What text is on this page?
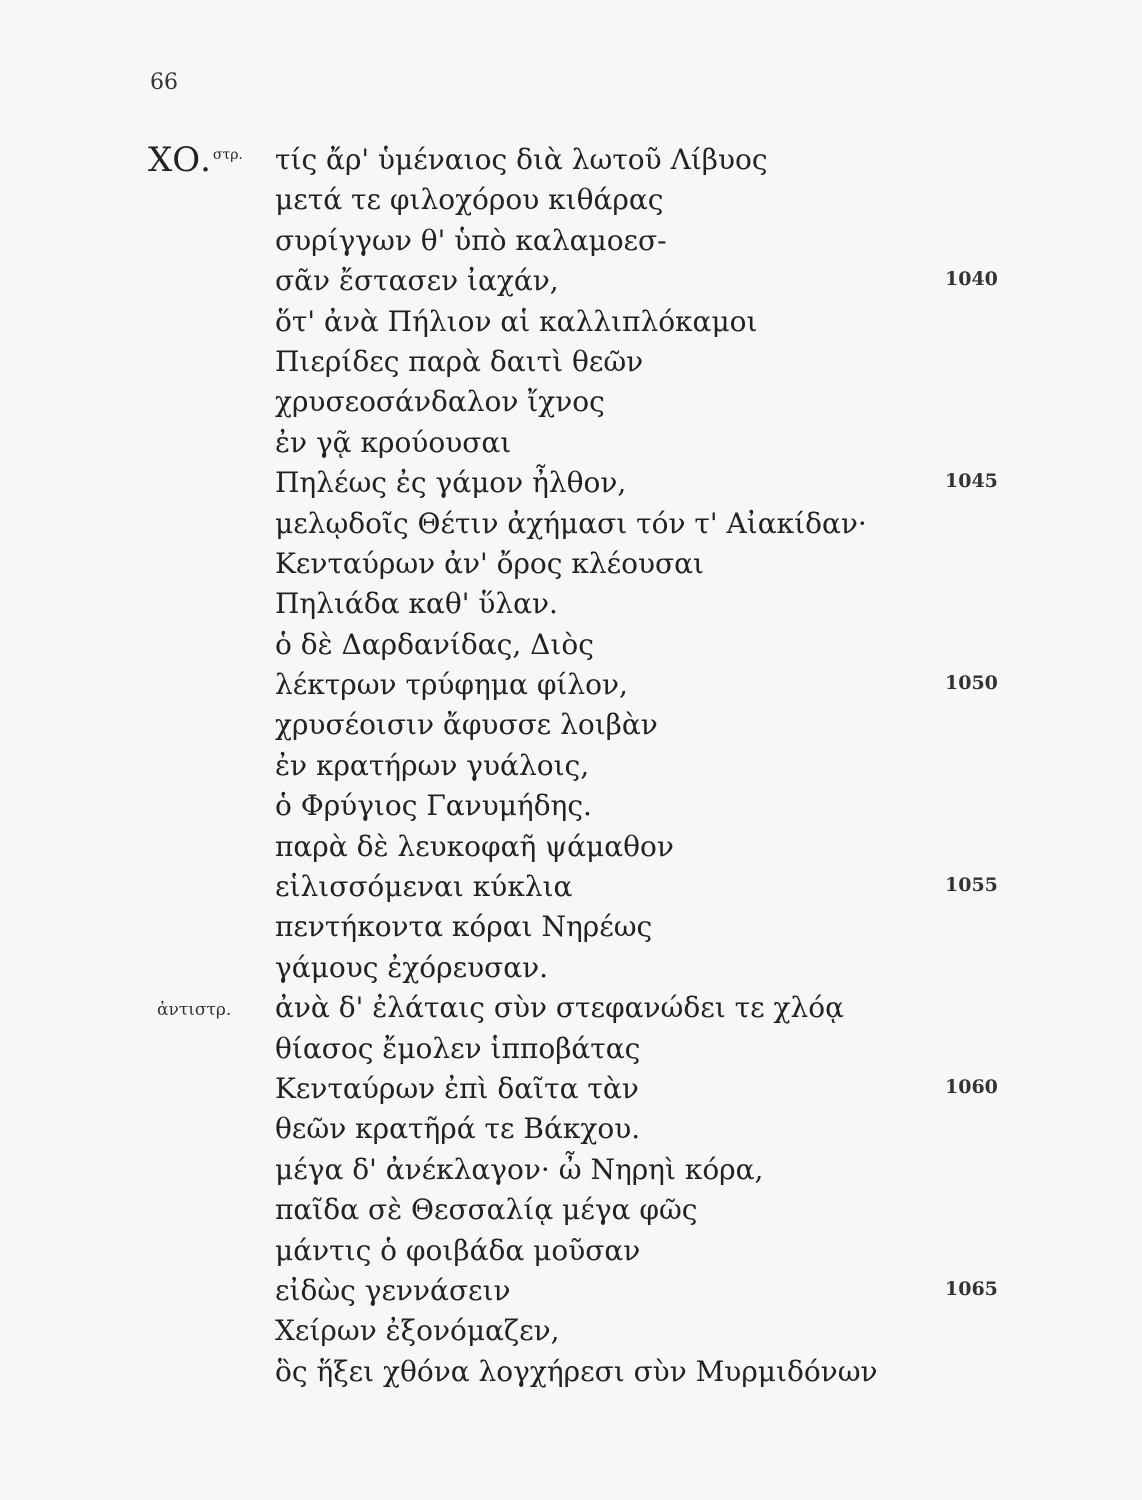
66
ΧΟ. $^{\sigma\tau\rho.}$
ἀντιστρ.
τίς ἄρ' ὑμέναιος διὰ λωτοῦ Λίβυος
μετά τε φιλοχόρου κιθάρας
συρίγγων θ' ὑπὸ καλαμοεσ-
σᾶν ἔστασεν ἰαχάν,
ὅτ' ἀνὰ Πήλιον αἱ καλλιπλόκαμοι
Πιερίδες παρὰ δαιτὶ θεῶν
χρυσεοσάνδαλον ἴχνος
ἐν γᾷ κρούουσαι
Πηλέως ἐς γάμον ἦλθον,
μελῳδοῖς Θέτιν ἀχήμασι τόν τ' Αἰακίδαν·
Κενταύρων ἀν' ὄρος κλέουσαι
Πηλιάδα καθ' ὕλαν.
ὁ δὲ Δαρδανίδας, Διὸς
λέκτρων τρύφημα φίλον,
χρυσέοισιν ἄφυσσε λοιβὰν
ἐν κρατήρων γυάλοις,
ὁ Φρύγιος Γανυμήδης.
παρὰ δὲ λευκοφαῆ ψάμαθον
εἱλισσόμεναι κύκλια
πεντήκοντα κόραι Νηρέως
γάμους ἐχόρευσαν.
ἀνὰ δ' ἐλάταις σὺν στεφανώδει τε χλόᾳ
θίασος ἔμολεν ἱπποβάτας
Κενταύρων ἐπὶ δαῖτα τὰν
θεῶν κρατῆρά τε Βάκχου.
μέγα δ' ἀνέκλαγον· ὦ Νηρηὶ κόρα,
παῖδα σὲ Θεσσαλίᾳ μέγα φῶς
μάντις ὁ φοιβάδα μοῦσαν
εἰδὼς γεννάσειν
Χείρων ἐξονόμαζεν,
ὃς ἥξει χθόνα λογχήρεσι σὺν Μυρμιδόνων
1040
1045
1050
1055
1060
1065
